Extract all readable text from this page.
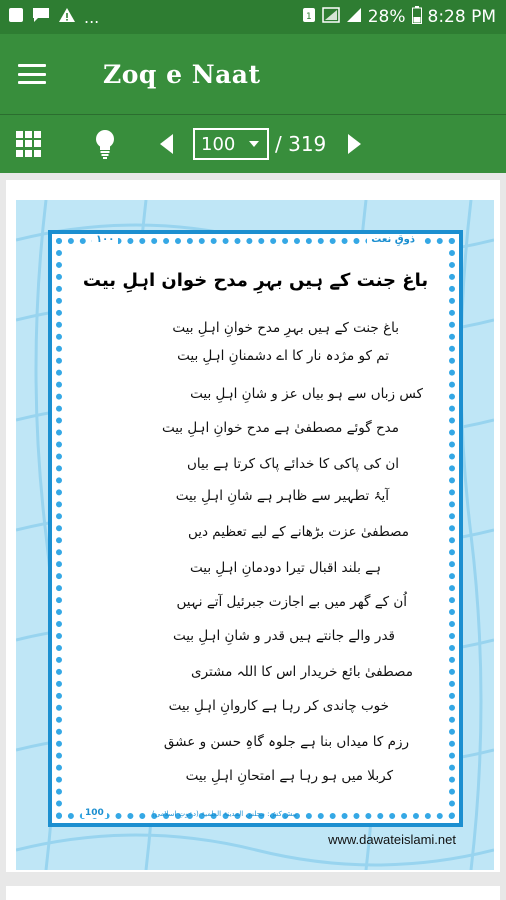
...	1	28% 8:28 PM
Zoq e Naat
100 / 319
١٠٠	ذوقِ نعت
باغ جنت کے ہیں بہرِ مدح خوان اہلِ بیت
باغ جنت کے ہیں بہرِ مدح خوانِ اہلِ بیت
تم کو مژدہ نار کا اے دشمنانِ اہلِ بیت
کس زباں سے ہو بیاں عز و شانِ اہلِ بیت
مدح گوئے مصطفیٰ ہے مدح خوانِ اہلِ بیت
ان کی پاکی کا خدائے پاک کرتا ہے بیاں
آیۂ تطہیر سے ظاہر ہے شانِ اہلِ بیت
مصطفیٰ عزت بڑھانے کے لیے تعظیم دیں
ہے بلند اقبال تیرا دودمانِ اہلِ بیت
اُن کے گھر میں بے اجازت جبرئیل آتے نہیں
قدر والے جانتے ہیں قدر و شانِ اہلِ بیت
مصطفیٰ بائع خریدار اس کا اللہ مشتری
خوب چاندی کر رہا ہے کاروانِ اہلِ بیت
رزم کا میداں بنا ہے جلوہ گاہِ حسن و عشق
کربلا میں ہو رہا ہے امتحانِ اہلِ بیت
100	پیش کش: مجلس المدینۃ العلمیۃ (دعوتِ اسلامی)
www.dawateislami.net
